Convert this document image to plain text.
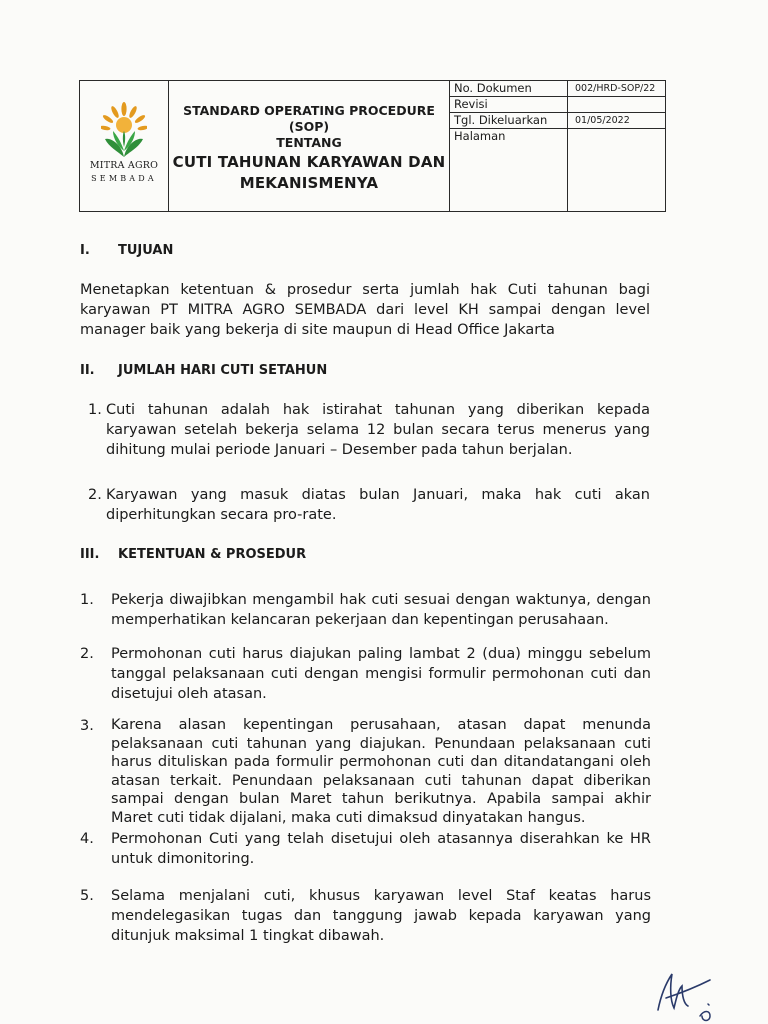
MITRA AGRO
SEMBADA
STANDARD OPERATING PROCEDURE
(SOP)
TENTANG
CUTI TAHUNAN KARYAWAN DAN
MEKANISMENYA
No. Dokumen	002/HRD-SOP/22
Revisi
Tgl. Dikeluarkan	01/05/2022
Halaman
I. TUJUAN
Menetapkan ketentuan & prosedur serta jumlah hak Cuti tahunan bagi karyawan PT MITRA AGRO SEMBADA dari level KH sampai dengan level manager baik yang bekerja di site maupun di Head Office Jakarta
II. JUMLAH HARI CUTI SETAHUN
1. Cuti tahunan adalah hak istirahat tahunan yang diberikan kepada karyawan setelah bekerja selama 12 bulan secara terus menerus yang dihitung mulai periode Januari – Desember pada tahun berjalan.
2. Karyawan yang masuk diatas bulan Januari, maka hak cuti akan diperhitungkan secara pro-rate.
III. KETENTUAN & PROSEDUR
1. Pekerja diwajibkan mengambil hak cuti sesuai dengan waktunya, dengan memperhatikan kelancaran pekerjaan dan kepentingan perusahaan.
2. Permohonan cuti harus diajukan paling lambat 2 (dua) minggu sebelum tanggal pelaksanaan cuti dengan mengisi formulir permohonan cuti dan disetujui oleh atasan.
3. Karena alasan kepentingan perusahaan, atasan dapat menunda pelaksanaan cuti tahunan yang diajukan. Penundaan pelaksanaan cuti harus dituliskan pada formulir permohonan cuti dan ditandatangani oleh atasan terkait. Penundaan pelaksanaan cuti tahunan dapat diberikan sampai dengan bulan Maret tahun berikutnya. Apabila sampai akhir Maret cuti tidak dijalani, maka cuti dimaksud dinyatakan hangus.
4. Permohonan Cuti yang telah disetujui oleh atasannya diserahkan ke HR untuk dimonitoring.
5. Selama menjalani cuti, khusus karyawan level Staf keatas harus mendelegasikan tugas dan tanggung jawab kepada karyawan yang ditunjuk maksimal 1 tingkat dibawah.
